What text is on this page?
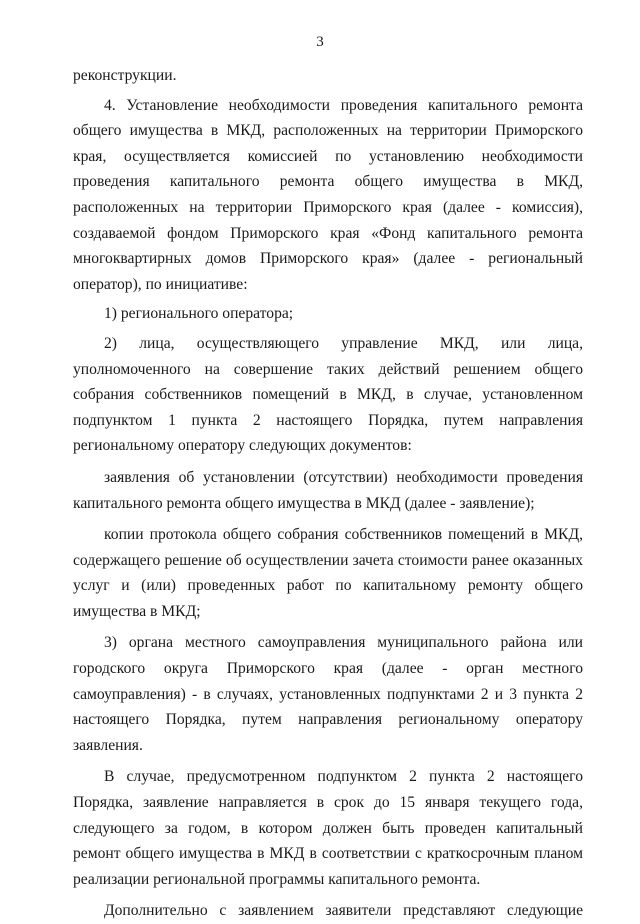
3

реконструкции.

4. Установление необходимости проведения капитального ремонта общего имущества в МКД, расположенных на территории Приморского края, осуществляется комиссией по установлению необходимости проведения капитального ремонта общего имущества в МКД, расположенных на территории Приморского края (далее - комиссия), создаваемой фондом Приморского края «Фонд капитального ремонта многоквартирных домов Приморского края» (далее - региональный оператор), по инициативе:

1) регионального оператора;

2) лица, осуществляющего управление МКД, или лица, уполномоченного на совершение таких действий решением общего собрания собственников помещений в МКД, в случае, установленном подпунктом 1 пункта 2 настоящего Порядка, путем направления региональному оператору следующих документов:

заявления об установлении (отсутствии) необходимости проведения капитального ремонта общего имущества в МКД (далее - заявление);

копии протокола общего собрания собственников помещений в МКД, содержащего решение об осуществлении зачета стоимости ранее оказанных услуг и (или) проведенных работ по капитальному ремонту общего имущества в МКД;

3) органа местного самоуправления муниципального района или городского округа Приморского края (далее - орган местного самоуправления) - в случаях, установленных подпунктами 2 и 3 пункта 2 настоящего Порядка, путем направления региональному оператору заявления.

В случае, предусмотренном подпунктом 2 пункта 2 настоящего Порядка, заявление направляется в срок до 15 января текущего года, следующего за годом, в котором должен быть проведен капитальный ремонт общего имущества в МКД в соответствии с краткосрочным планом реализации региональной программы капитального ремонта.

Дополнительно с заявлением заявители представляют следующие
